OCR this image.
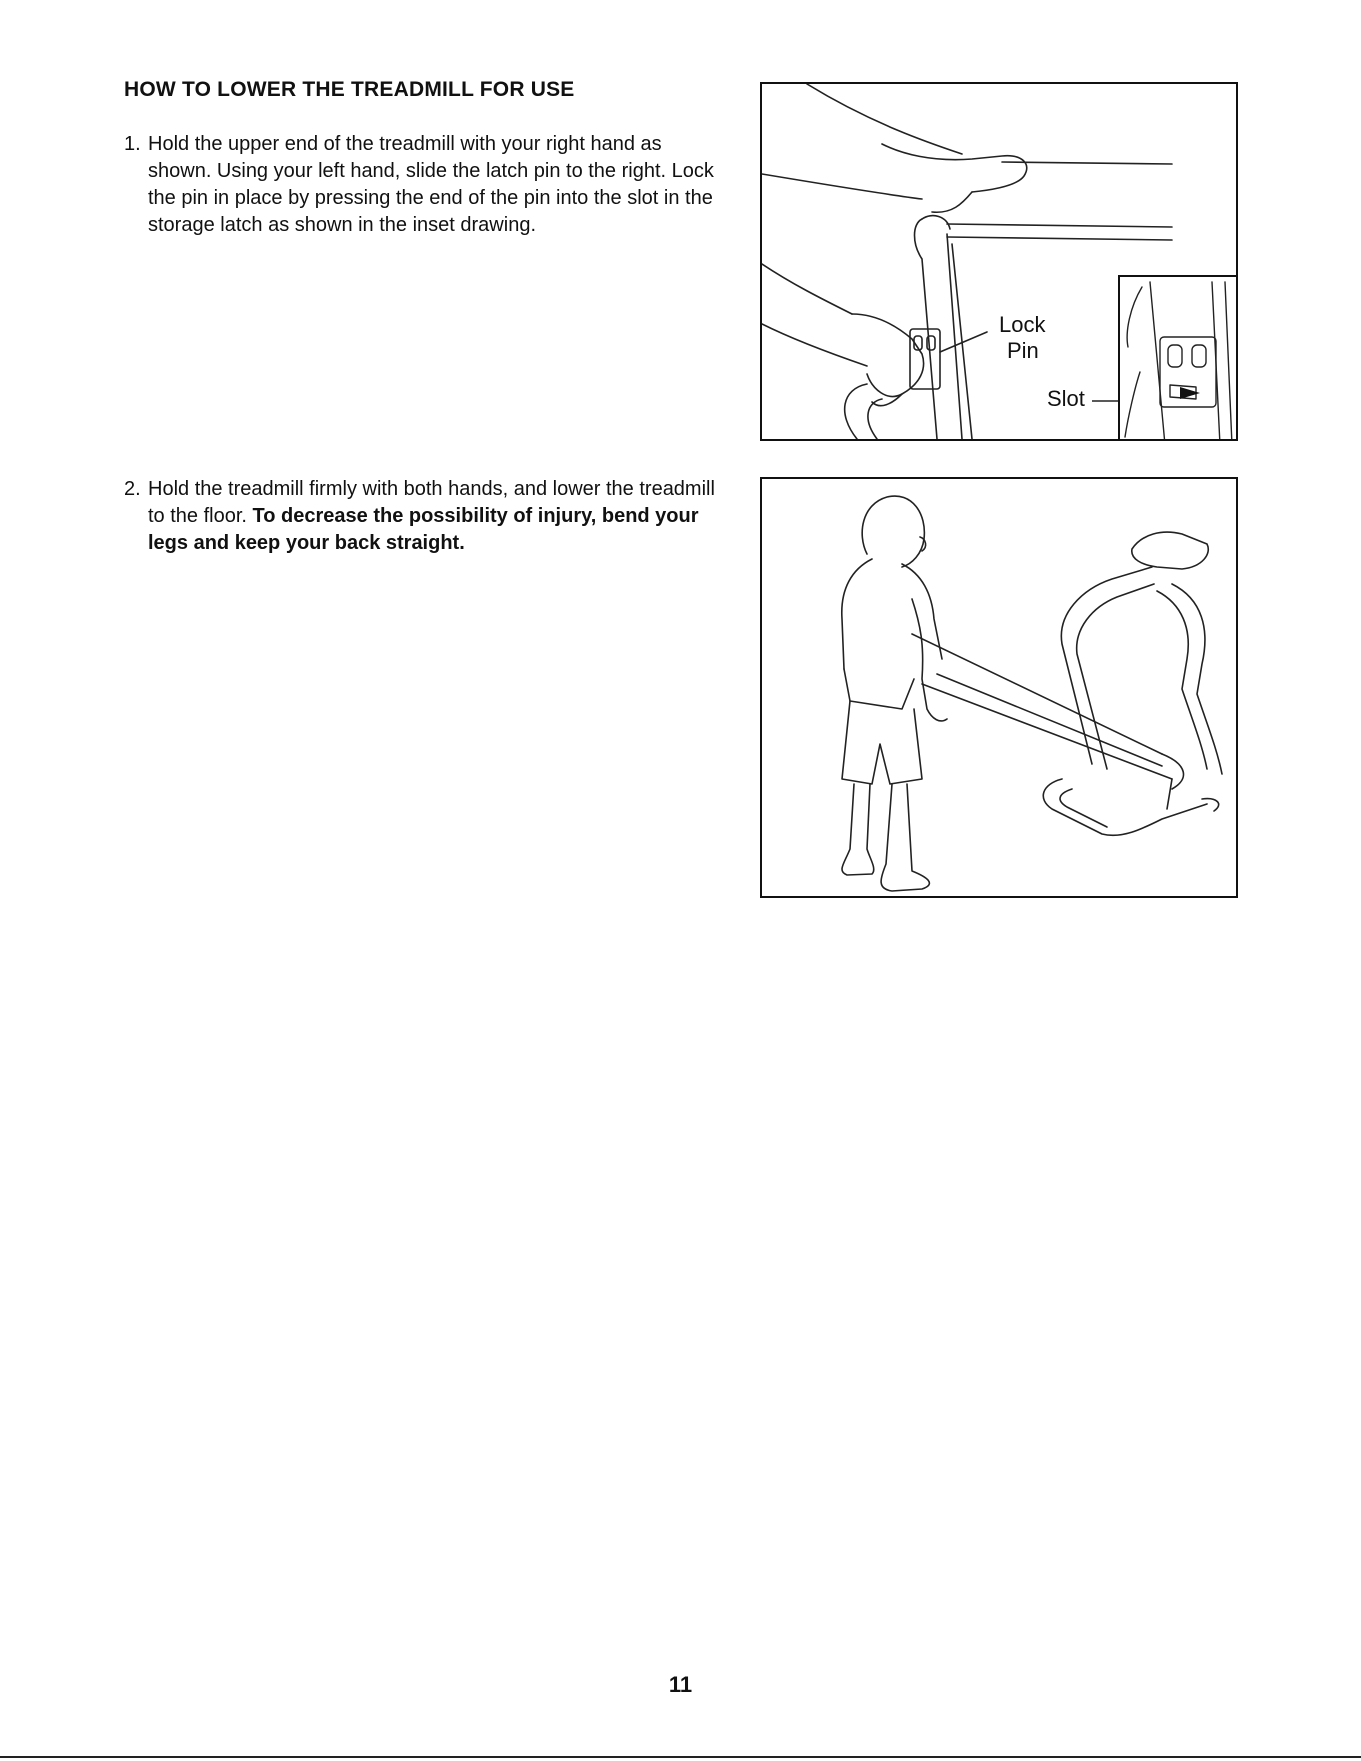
HOW TO LOWER THE TREADMILL FOR USE
1. Hold the upper end of the treadmill with your right hand as shown. Using your left hand, slide the latch pin to the right. Lock the pin in place by pressing the end of the pin into the slot in the storage latch as shown in the inset drawing.
2. Hold the treadmill firmly with both hands, and lower the treadmill to the floor. To decrease the possibility of injury, bend your legs and keep your back straight.
Lock
Pin
Slot
11
